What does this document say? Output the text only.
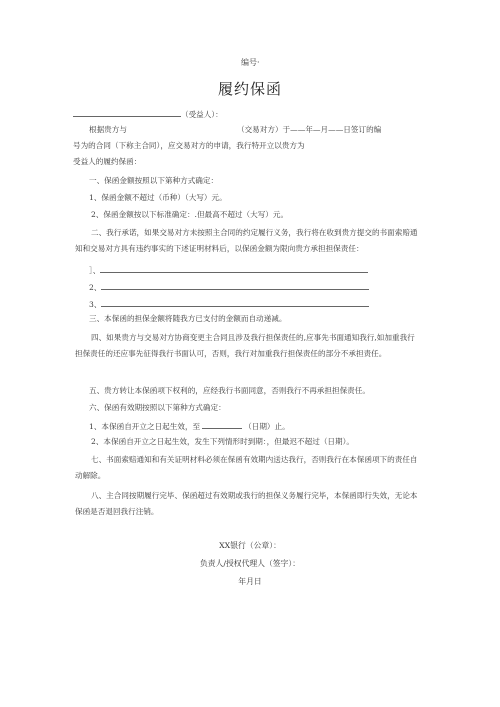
编号·
履约保函
（受益人）：
根据贵方与	（交易对方）于——年—月——日签订的编
号为的合同（下称主合同），应交易对方的申请，我行特开立以贵方为
受益人的履约保函：
一、保函金额按照以下第种方式确定：
1、保函金额不超过（币种）（大写）元。
2、保函金额按以下标准确定：.但最高不超过（大写）元。
二、我行承诺，如果交易对方未按照主合同的约定履行义务，我行将在收到贵方提交的书面索赔通知和交易对方具有违约事实的下述证明材料后，以保函金额为限向贵方承担担保责任：
］、
2、
3、
三、本保函的担保金额将随我方已支付的金额而自动递减。
四、如果贵方与交易对方协商变更主合同且涉及我行担保责任的,应事先书面通知我行,如加重我行担保责任的还应事先征得我行书面认可，否则，我行对加重我行担保责任的部分不承担责任。
五、贵方转让本保函项下权利的，应经我行书面同意，否则我行不再承担担保责任。
六、保函有效期按照以下第种方式确定：
1、本保函自开立之日起生效，至	（日期）止。
2、本保函自开立之日起生效，发生下列情形时到期：，但最迟不超过（日期）。
七、书面索赔通知和有关证明材料必须在保函有效期内送达我行，否则我行在本保函项下的责任自动解除。
八、主合同按期履行完毕、保函超过有效期或我行的担保义务履行完毕，本保函即行失效，无论本保函是否退回我行注销。
XX银行（公章）：
负责人/授权代理人（签字）：
年月日
